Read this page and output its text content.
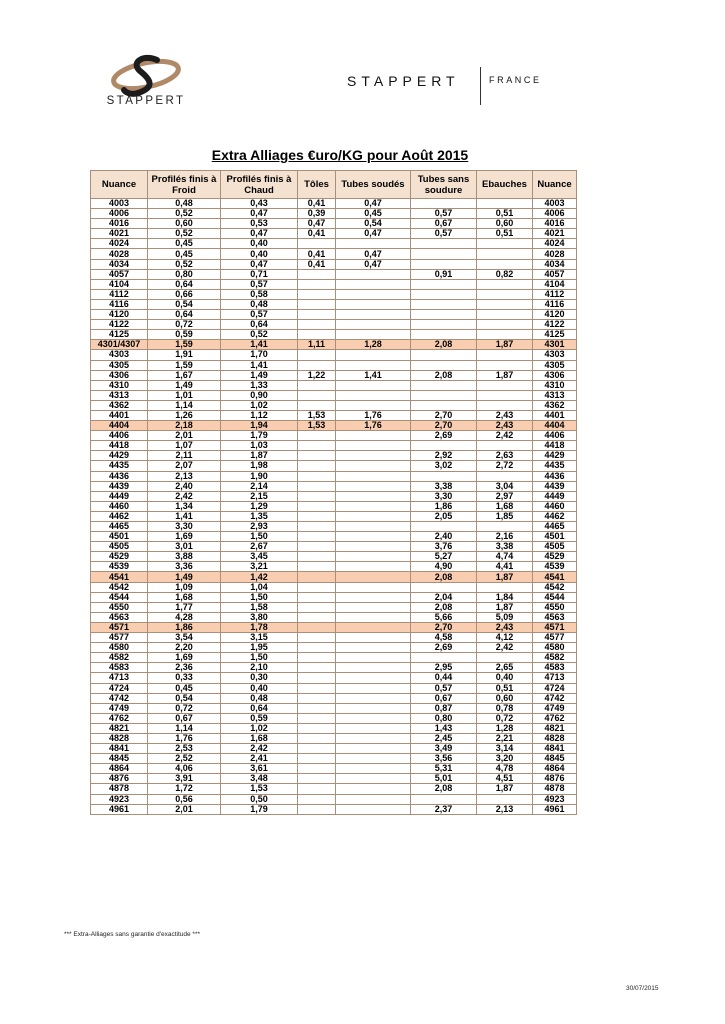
STAPPERT
STAPPERT	FRANCE
Extra Alliages €uro/KG pour Août 2015
Nuance	Profilés finis à Froid	Profilés finis à Chaud	Tôles	Tubes soudés	Tubes sans soudure	Ebauches	Nuance
4003	0,48	0,43	0,41	0,47			4003
4006	0,52	0,47	0,39	0,45	0,57	0,51	4006
4016	0,60	0,53	0,47	0,54	0,67	0,60	4016
4021	0,52	0,47	0,41	0,47	0,57	0,51	4021
4024	0,45	0,40					4024
4028	0,45	0,40	0,41	0,47			4028
4034	0,52	0,47	0,41	0,47			4034
4057	0,80	0,71			0,91	0,82	4057
4104	0,64	0,57					4104
4112	0,66	0,58					4112
4116	0,54	0,48					4116
4120	0,64	0,57					4120
4122	0,72	0,64					4122
4125	0,59	0,52					4125
4301/4307	1,59	1,41	1,11	1,28	2,08	1,87	4301
4303	1,91	1,70					4303
4305	1,59	1,41					4305
4306	1,67	1,49	1,22	1,41	2,08	1,87	4306
4310	1,49	1,33					4310
4313	1,01	0,90					4313
4362	1,14	1,02					4362
4401	1,26	1,12	1,53	1,76	2,70	2,43	4401
4404	2,18	1,94	1,53	1,76	2,70	2,43	4404
4406	2,01	1,79			2,69	2,42	4406
4418	1,07	1,03					4418
4429	2,11	1,87			2,92	2,63	4429
4435	2,07	1,98			3,02	2,72	4435
4436	2,13	1,90					4436
4439	2,40	2,14			3,38	3,04	4439
4449	2,42	2,15			3,30	2,97	4449
4460	1,34	1,29			1,86	1,68	4460
4462	1,41	1,35			2,05	1,85	4462
4465	3,30	2,93					4465
4501	1,69	1,50			2,40	2,16	4501
4505	3,01	2,67			3,76	3,38	4505
4529	3,88	3,45			5,27	4,74	4529
4539	3,36	3,21			4,90	4,41	4539
4541	1,49	1,42			2,08	1,87	4541
4542	1,09	1,04					4542
4544	1,68	1,50			2,04	1,84	4544
4550	1,77	1,58			2,08	1,87	4550
4563	4,28	3,80			5,66	5,09	4563
4571	1,86	1,78			2,70	2,43	4571
4577	3,54	3,15			4,58	4,12	4577
4580	2,20	1,95			2,69	2,42	4580
4582	1,69	1,50					4582
4583	2,36	2,10			2,95	2,65	4583
4713	0,33	0,30			0,44	0,40	4713
4724	0,45	0,40			0,57	0,51	4724
4742	0,54	0,48			0,67	0,60	4742
4749	0,72	0,64			0,87	0,78	4749
4762	0,67	0,59			0,80	0,72	4762
4821	1,14	1,02			1,43	1,28	4821
4828	1,76	1,68			2,45	2,21	4828
4841	2,53	2,42			3,49	3,14	4841
4845	2,52	2,41			3,56	3,20	4845
4864	4,06	3,61			5,31	4,78	4864
4876	3,91	3,48			5,01	4,51	4876
4878	1,72	1,53			2,08	1,87	4878
4923	0,56	0,50					4923
4961	2,01	1,79			2,37	2,13	4961
*** Extra-Alliages sans garantie d'exactitude ***
30/07/2015
